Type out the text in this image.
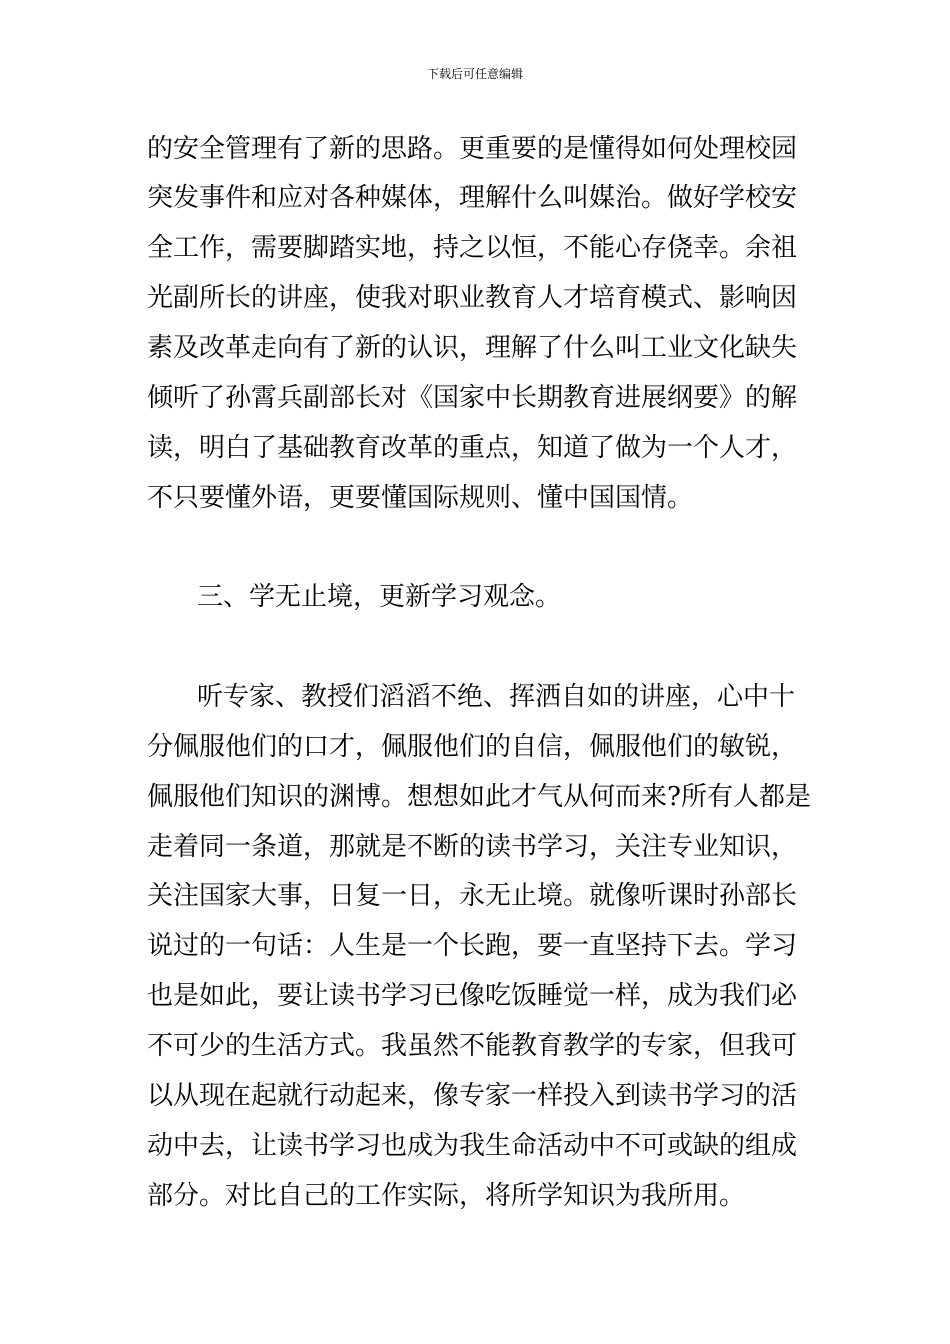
下载后可任意编辑
的安全管理有了新的思路。更重要的是懂得如何处理校园
突发事件和应对各种媒体，理解什么叫媒治。做好学校安
全工作，需要脚踏实地，持之以恒，不能心存侥幸。余祖
光副所长的讲座，使我对职业教育人才培育模式、影响因
素及改革走向有了新的认识，理解了什么叫工业文化缺失
倾听了孙霄兵副部长对《国家中长期教育进展纲要》的解
读，明白了基础教育改革的重点，知道了做为一个人才，
不只要懂外语，更要懂国际规则、懂中国国情。
三、学无止境，更新学习观念。
听专家、教授们滔滔不绝、挥洒自如的讲座，心中十
分佩服他们的口才，佩服他们的自信，佩服他们的敏锐，
佩服他们知识的渊博。想想如此才气从何而来?所有人都是
走着同一条道，那就是不断的读书学习，关注专业知识，
关注国家大事，日复一日，永无止境。就像听课时孙部长
说过的一句话：人生是一个长跑，要一直坚持下去。学习
也是如此，要让读书学习已像吃饭睡觉一样，成为我们必
不可少的生活方式。我虽然不能教育教学的专家，但我可
以从现在起就行动起来，像专家一样投入到读书学习的活
动中去，让读书学习也成为我生命活动中不可或缺的组成
部分。对比自己的工作实际，将所学知识为我所用。
